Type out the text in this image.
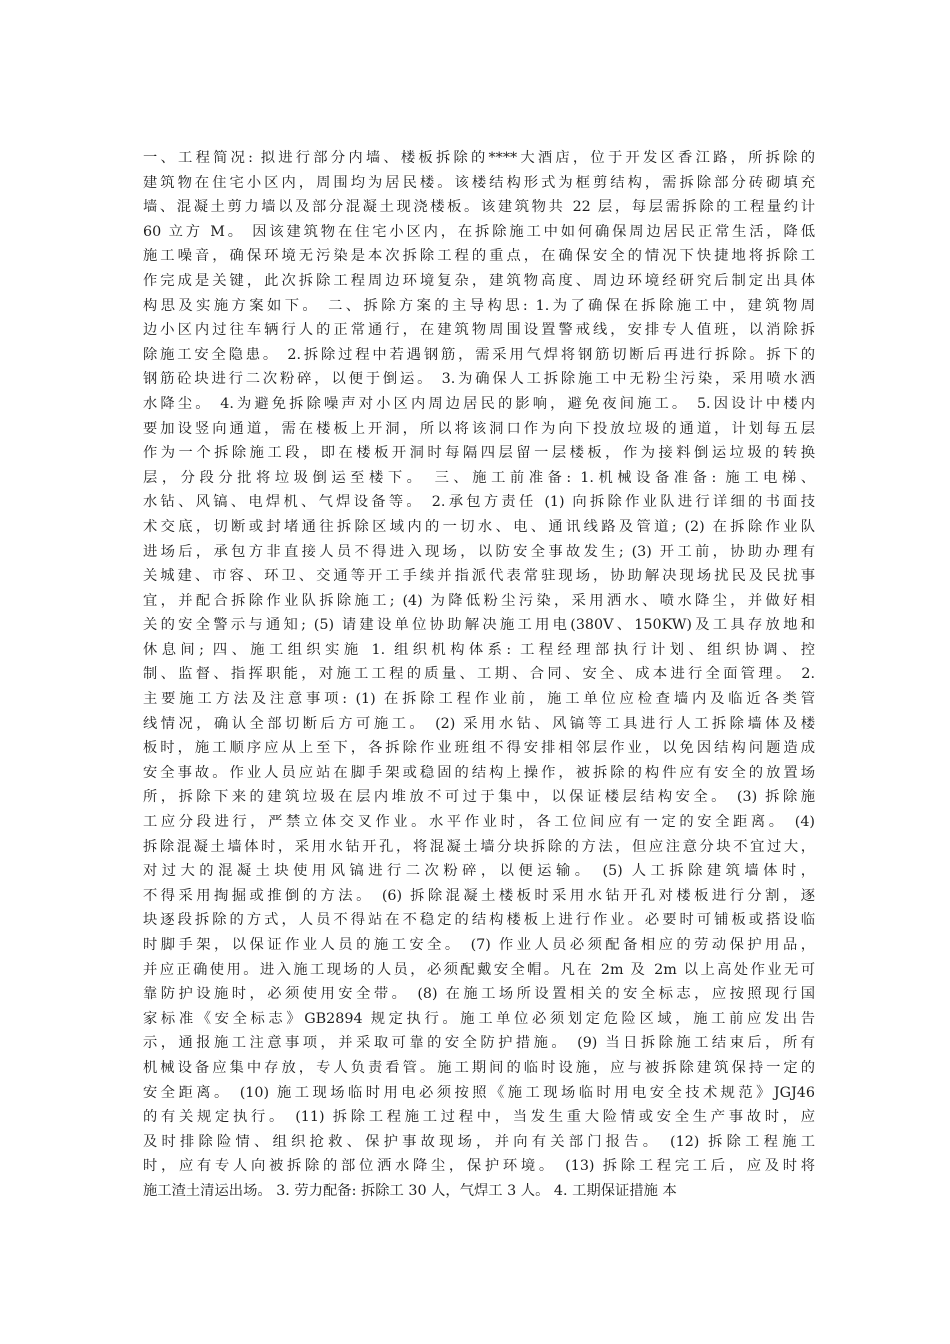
一、工程简况: 拟进行部分内墙、楼板拆除的****大酒店，位于开发区香江路，所拆除的
建筑物在住宅小区内，周围均为居民楼。该楼结构形式为框剪结构，需拆除部分砖砌填充
墙、混凝土剪力墙以及部分混凝土现浇楼板。该建筑物共 22 层，每层需拆除的工程量约计
60 立方 M。 因该建筑物在住宅小区内，在拆除施工中如何确保周边居民正常生活，降低
施工噪音，确保环境无污染是本次拆除工程的重点，在确保安全的情况下快捷地将拆除工
作完成是关键，此次拆除工程周边环境复杂，建筑物高度、周边环境经研究后制定出具体
构思及实施方案如下。 二、拆除方案的主导构思: 1.为了确保在拆除施工中，建筑物周
边小区内过往车辆行人的正常通行，在建筑物周围设置警戒线，安排专人值班，以消除拆
除施工安全隐患。 2.拆除过程中若遇钢筋，需采用气焊将钢筋切断后再进行拆除。拆下的
钢筋砼块进行二次粉碎，以便于倒运。 3.为确保人工拆除施工中无粉尘污染，采用喷水洒
水降尘。 4.为避免拆除噪声对小区内周边居民的影响，避免夜间施工。 5.因设计中楼内
要加设竖向通道，需在楼板上开洞，所以将该洞口作为向下投放垃圾的通道，计划每五层
作为一个拆除施工段，即在楼板开洞时每隔四层留一层楼板，作为接料倒运垃圾的转换
层，分段分批将垃圾倒运至楼下。 三、施工前准备: 1.机械设备准备: 施工电梯、
水钻、风镐、电焊机、气焊设备等。 2.承包方责任 (1) 向拆除作业队进行详细的书面技
术交底，切断或封堵通往拆除区域内的一切水、电、通讯线路及管道; (2) 在拆除作业队
进场后，承包方非直接人员不得进入现场，以防安全事故发生; (3) 开工前，协助办理有
关城建、市容、环卫、交通等开工手续并指派代表常驻现场，协助解决现场扰民及民扰事
宜，并配合拆除作业队拆除施工; (4) 为降低粉尘污染，采用洒水、喷水降尘，并做好相
关的安全警示与通知; (5) 请建设单位协助解决施工用电(380V、150KW)及工具存放地和
休息间; 四、施工组织实施 1. 组织机构体系: 工程经理部执行计划、组织协调、控
制、监督、指挥职能，对施工工程的质量、工期、合同、安全、成本进行全面管理。 2.
主要施工方法及注意事项: (1) 在拆除工程作业前，施工单位应检查墙内及临近各类管
线情况，确认全部切断后方可施工。 (2) 采用水钻、风镐等工具进行人工拆除墙体及楼
板时，施工顺序应从上至下，各拆除作业班组不得安排相邻层作业，以免因结构问题造成
安全事故。作业人员应站在脚手架或稳固的结构上操作，被拆除的构件应有安全的放置场
所，拆除下来的建筑垃圾在层内堆放不可过于集中，以保证楼层结构安全。 (3) 拆除施
工应分段进行，严禁立体交叉作业。水平作业时，各工位间应有一定的安全距离。 (4)
拆除混凝土墙体时，采用水钻开孔，将混凝土墙分块拆除的方法，但应注意分块不宜过大，
对过大的混凝土块使用风镐进行二次粉碎，以便运输。 (5) 人工拆除建筑墙体时，
不得采用掏掘或推倒的方法。 (6) 拆除混凝土楼板时采用水钻开孔对楼板进行分割，逐
块逐段拆除的方式，人员不得站在不稳定的结构楼板上进行作业。必要时可铺板或搭设临
时脚手架，以保证作业人员的施工安全。 (7) 作业人员必须配备相应的劳动保护用品，
并应正确使用。进入施工现场的人员，必须配戴安全帽。凡在 2m 及 2m 以上高处作业无可
靠防护设施时，必须使用安全带。 (8) 在施工场所设置相关的安全标志，应按照现行国
家标准《安全标志》GB2894 规定执行。施工单位必须划定危险区域，施工前应发出告
示，通报施工注意事项，并采取可靠的安全防护措施。 (9) 当日拆除施工结束后，所有
机械设备应集中存放，专人负责看管。施工期间的临时设施，应与被拆除建筑保持一定的
安全距离。 (10) 施工现场临时用电必须按照《施工现场临时用电安全技术规范》JGJ46
的有关规定执行。 (11) 拆除工程施工过程中，当发生重大险情或安全生产事故时，应
及时排除险情、组织抢救、保护事故现场，并向有关部门报告。 (12) 拆除工程施工
时，应有专人向被拆除的部位洒水降尘，保护环境。 (13) 拆除工程完工后，应及时将
施工渣土清运出场。 3. 劳力配备: 拆除工 30 人，气焊工 3 人。 4. 工期保证措施 本
